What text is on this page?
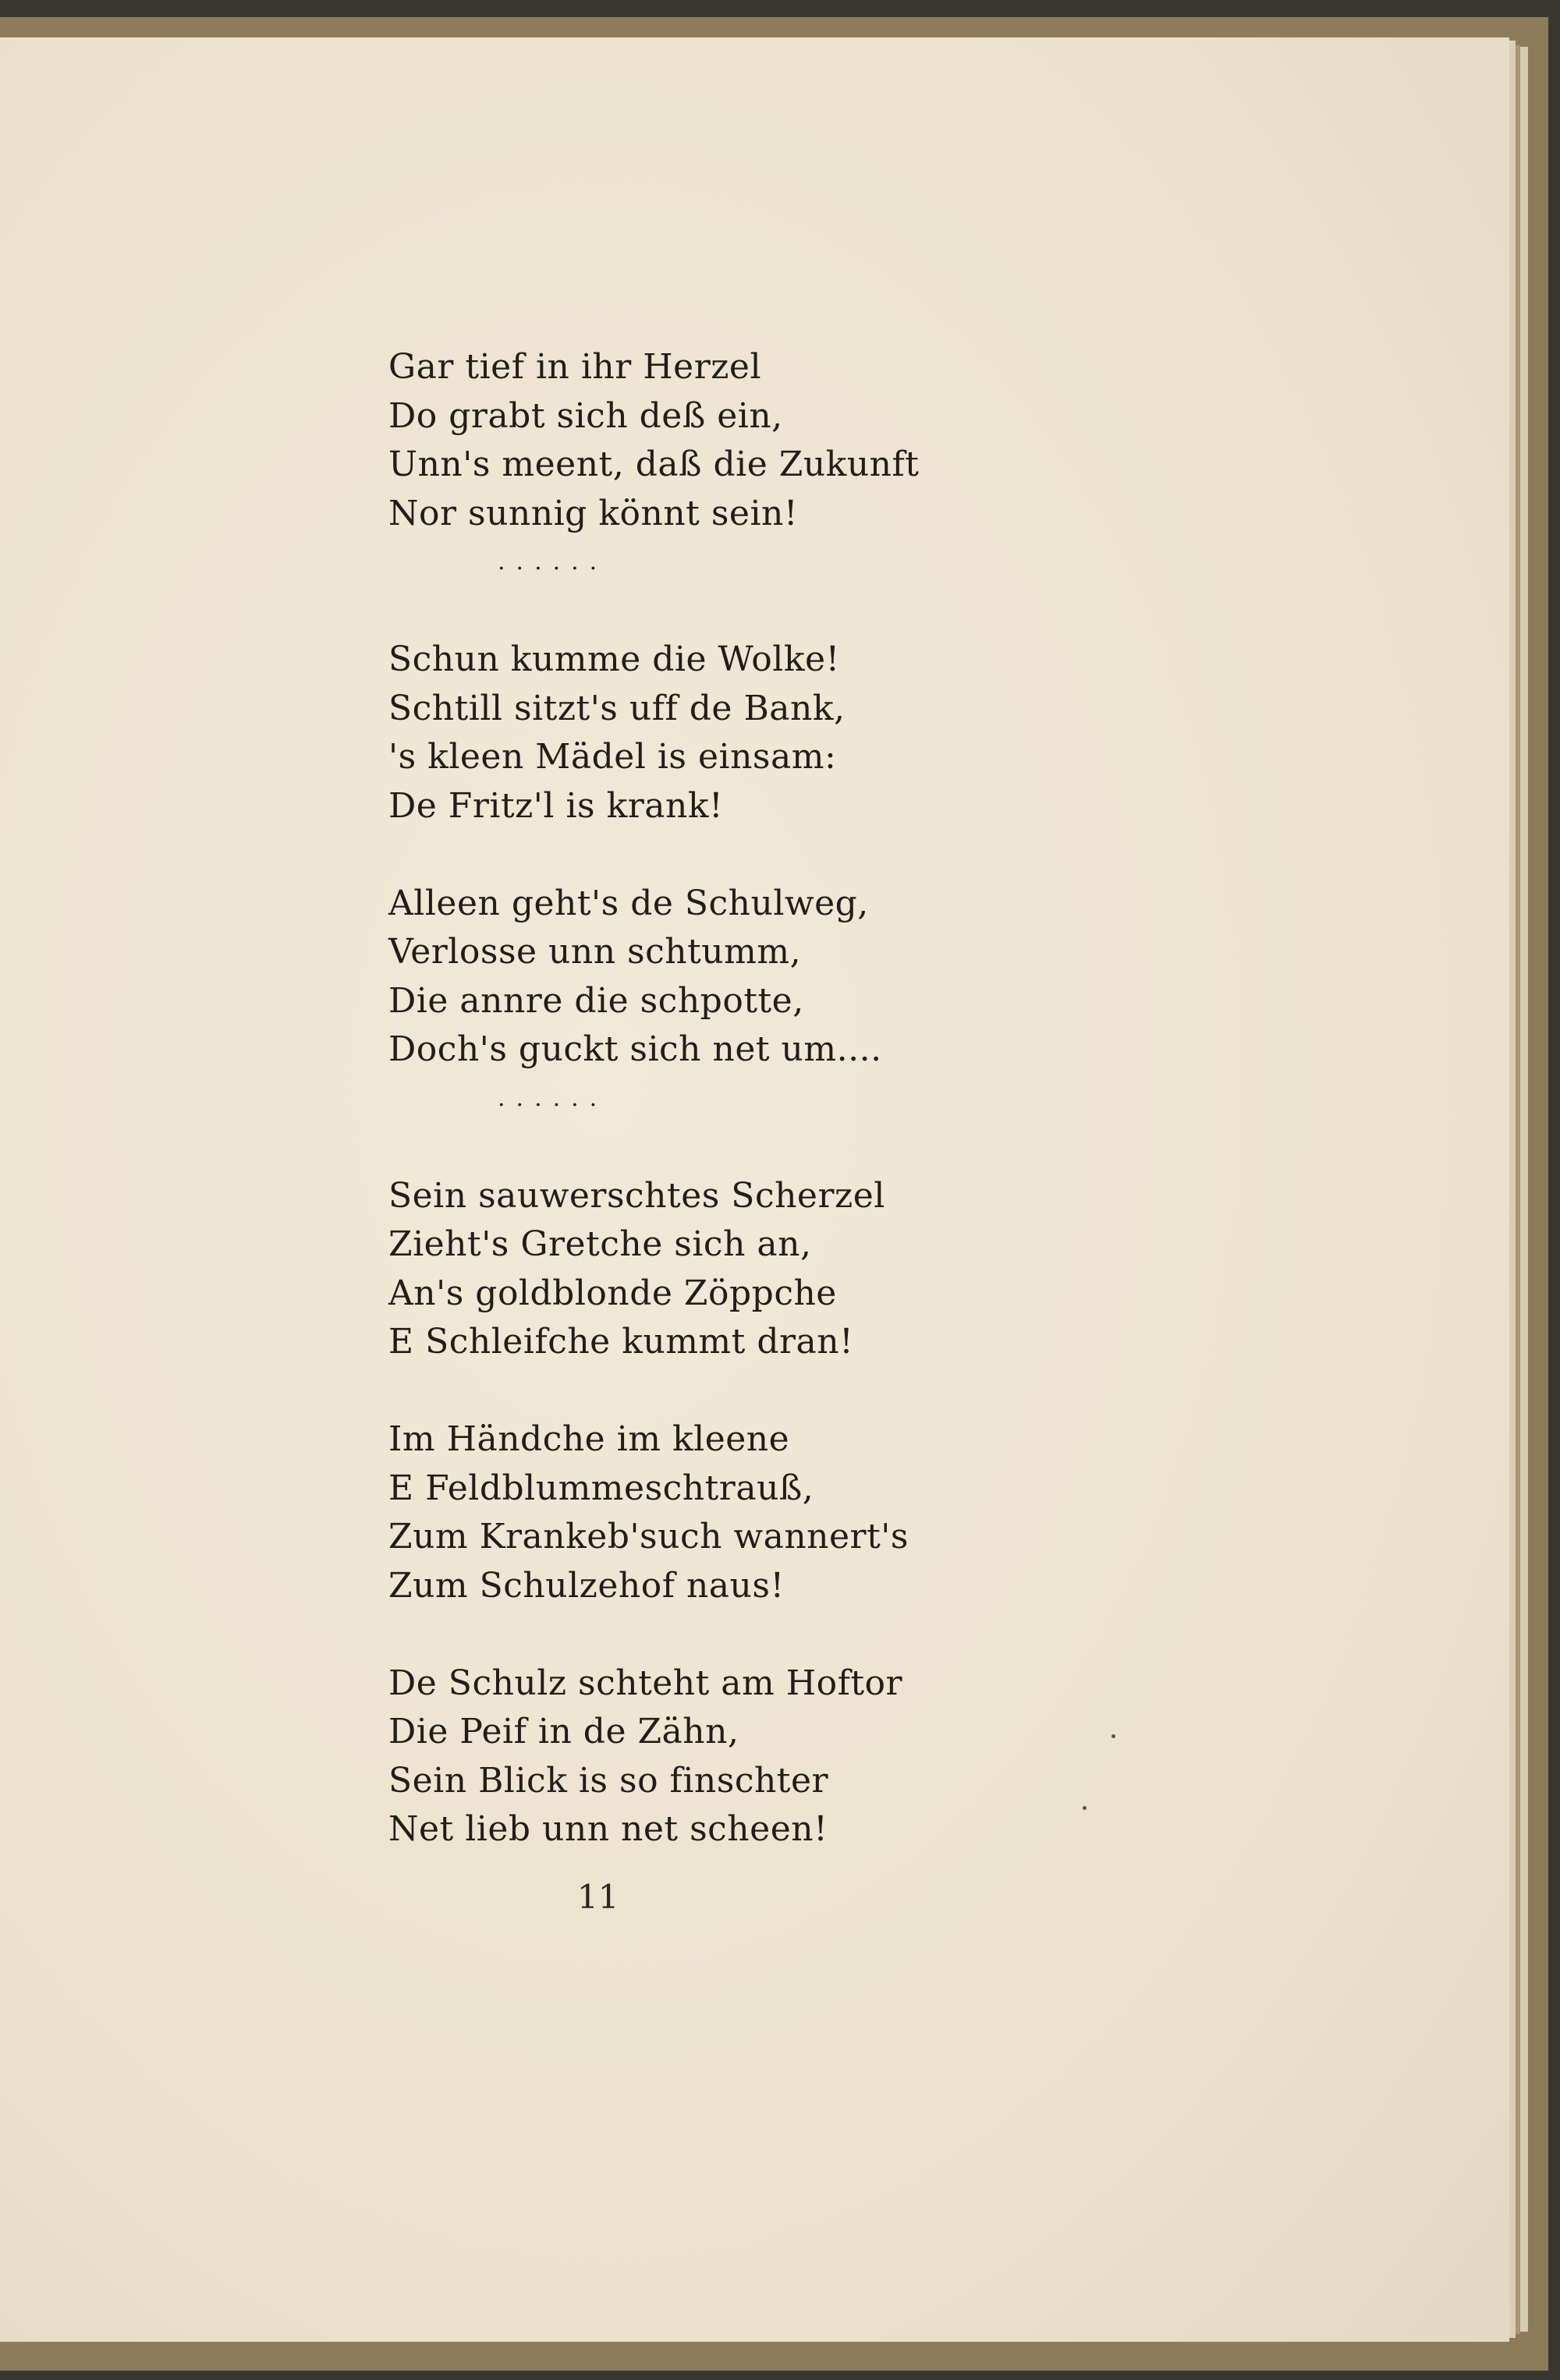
Gar tief in ihr Herzel
Do grabt sich deß ein,
Unn's meent, daß die Zukunft
Nor sunnig könnt sein!
......
Schun kumme die Wolke!
Schtill sitzt's uff de Bank,
's kleen Mädel is einsam:
De Fritz'l is krank!
Alleen geht's de Schulweg,
Verlosse unn schtumm,
Die annre die schpotte,
Doch's guckt sich net um....
......
Sein sauwerschtes Scherzel
Zieht's Gretche sich an,
An's goldblonde Zöppche
E Schleifche kummt dran!
Im Händche im kleene
E Feldblummeschtrauß,
Zum Krankeb'such wannert's
Zum Schulzehof naus!
De Schulz schteht am Hoftor
Die Peif in de Zähn,
Sein Blick is so finschter
Net lieb unn net scheen!
11
